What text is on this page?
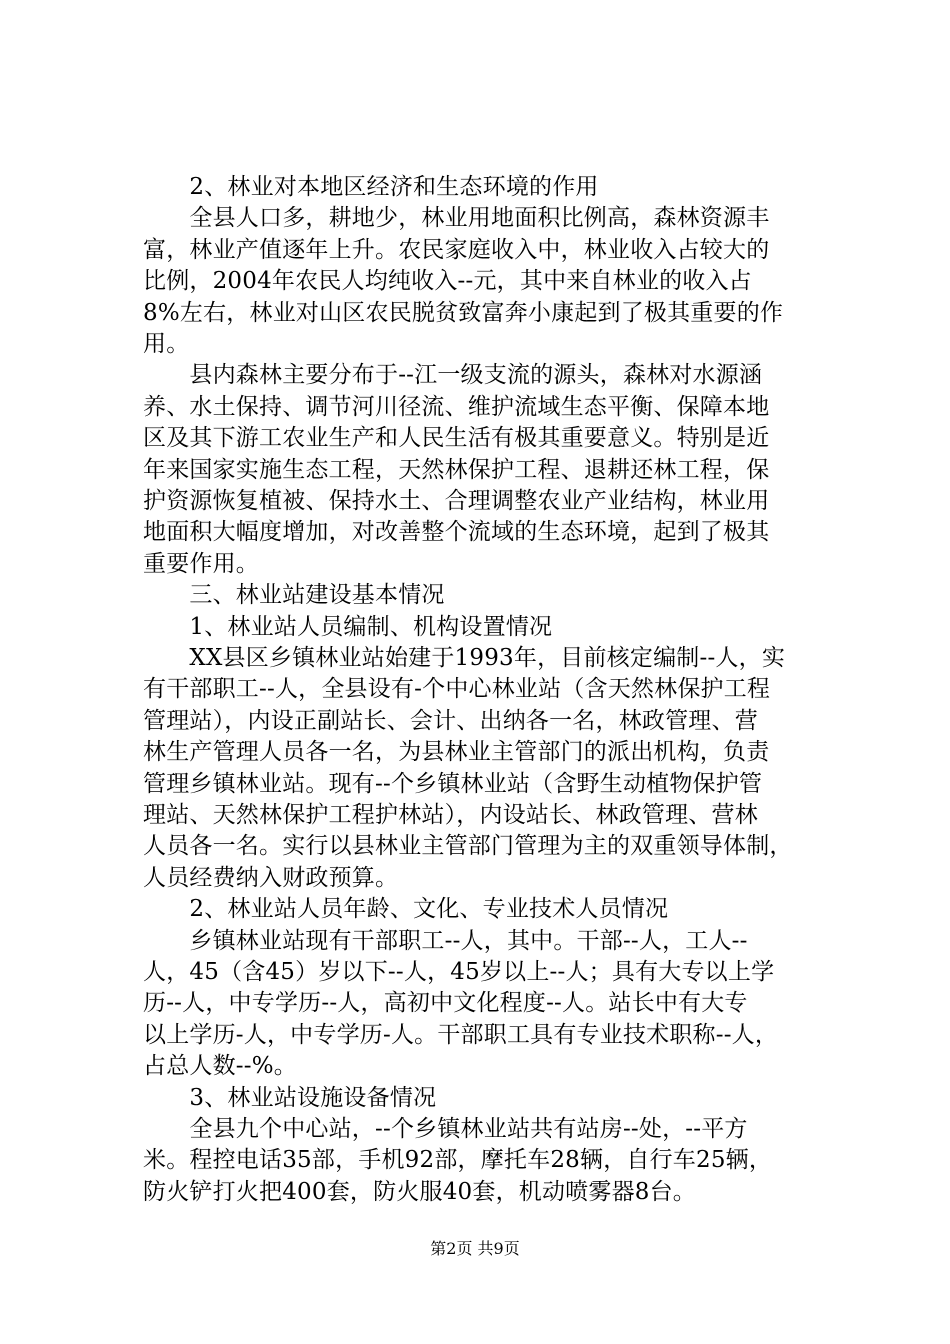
　　2、林业对本地区经济和生态环境的作用
　　全县人口多，耕地少，林业用地面积比例高，森林资源丰
富，林业产值逐年上升。农民家庭收入中，林业收入占较大的
比例，2004年农民人均纯收入--元，其中来自林业的收入占
8%左右，林业对山区农民脱贫致富奔小康起到了极其重要的作
用。
　　县内森林主要分布于--江一级支流的源头，森林对水源涵
养、水土保持、调节河川径流、维护流域生态平衡、保障本地
区及其下游工农业生产和人民生活有极其重要意义。特别是近
年来国家实施生态工程，天然林保护工程、退耕还林工程，保
护资源恢复植被、保持水土、合理调整农业产业结构，林业用
地面积大幅度增加，对改善整个流域的生态环境，起到了极其
重要作用。
　　三、林业站建设基本情况
　　1、林业站人员编制、机构设置情况
　　XX县区乡镇林业站始建于1993年，目前核定编制--人，实
有干部职工--人，全县设有-个中心林业站（含天然林保护工程
管理站），内设正副站长、会计、出纳各一名，林政管理、营
林生产管理人员各一名，为县林业主管部门的派出机构，负责
管理乡镇林业站。现有--个乡镇林业站（含野生动植物保护管
理站、天然林保护工程护林站），内设站长、林政管理、营林
人员各一名。实行以县林业主管部门管理为主的双重领导体制，
人员经费纳入财政预算。
　　2、林业站人员年龄、文化、专业技术人员情况
　　乡镇林业站现有干部职工--人，其中。干部--人，工人--
人，45（含45）岁以下--人，45岁以上--人；具有大专以上学
历--人，中专学历--人，高初中文化程度--人。站长中有大专
以上学历-人，中专学历-人。干部职工具有专业技术职称--人，
占总人数--%。
　　3、林业站设施设备情况
　　全县九个中心站，--个乡镇林业站共有站房--处，--平方
米。程控电话35部，手机92部，摩托车28辆，自行车25辆，
防火铲打火把400套，防火服40套，机动喷雾器8台。
第2页 共9页
